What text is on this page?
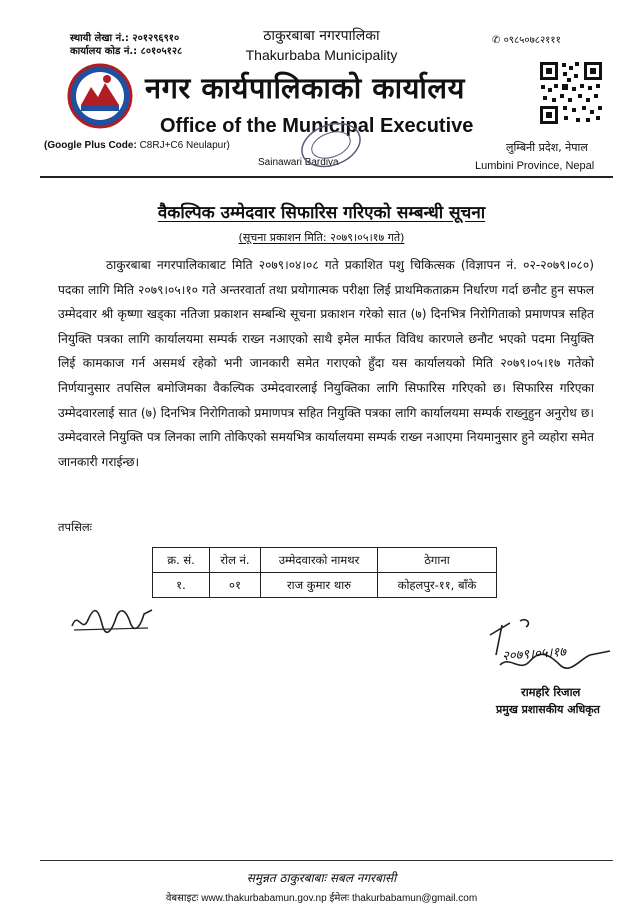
स्थायी लेखा नं.: २०१२९६९१०
कार्यालय कोड नं.: ८०१०५१२८
ठाकुरबाबा नगरपालिका
Thakurbaba Municipality
✆ ०९८५०७८२१११
नगर कार्यपालिकाको कार्यालय
Office of the Municipal Executive
(Google Plus Code: C8RJ+C6 Neulapur)
Sainawari Bardiya
लुम्बिनी प्रदेश, नेपाल
Lumbini Province, Nepal
वैकल्पिक उम्मेदवार सिफारिस गरिएको सम्बन्धी सूचना
(सूचना प्रकाशन मिति: २०७९।०५।१७ गते)
ठाकुरबाबा नगरपालिकाबाट मिति २०७९।०४।०८ गते प्रकाशित पशु चिकित्सक (विज्ञापन नं. ०२-२०७९।०८०) पदका लागि मिति २०७९।०५।१० गते अन्तरवार्ता तथा प्रयोगात्मक परीक्षा लिई प्राथमिकताक्रम निर्धारण गर्दा छनौट हुन सफल उम्मेदवार श्री कृष्णा खड्का नतिजा प्रकाशन सम्बन्धि सूचना प्रकाशन गरेको सात (७) दिनभित्र निरोगिताको प्रमाणपत्र सहित नियुक्ति पत्रका लागि कार्यालयमा सम्पर्क राख्न नआएको साथै इमेल मार्फत विविध कारणले छनौट भएको पदमा नियुक्ति लिई कामकाज गर्न असमर्थ रहेको भनी जानकारी समेत गराएको हुँदा यस कार्यालयको मिति २०७९।०५।१७ गतेको निर्णयानुसार तपसिल बमोजिमका वैकल्पिक उम्मेदवारलाई नियुक्तिका लागि सिफारिस गरिएको छ। सिफारिस गरिएका उम्मेदवारलाई सात (७) दिनभित्र निरोगिताको प्रमाणपत्र सहित नियुक्ति पत्रका लागि कार्यालयमा सम्पर्क राख्नुहुन अनुरोध छ। उम्मेदवारले नियुक्ति पत्र लिनका लागि तोकिएको समयभित्र कार्यालयमा सम्पर्क राख्न नआएमा नियमानुसार हुने व्यहोरा समेत जानकारी गराईन्छ।
तपसिलः
क्र. सं.	रोल नं.	उम्मेदवारको नामथर	ठेगाना
१.	०१	राज कुमार थारु	कोहलपुर-११, बाँके
२०७९।०५।१७
रामहरि रिजाल
प्रमुख प्रशासकीय अधिकृत
समुन्नत ठाकुरबाबाः सबल नगरबासी
वेबसाइटः www.thakurbabamun.gov.np ईमेलः thakurbabamun@gmail.com
